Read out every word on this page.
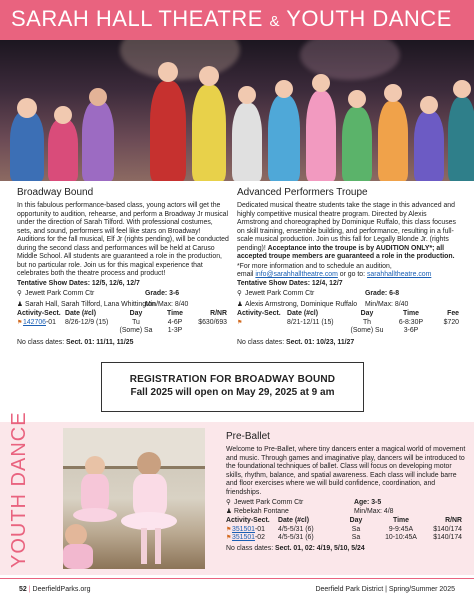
SARAH HALL THEATRE & YOUTH DANCE
Broadway Bound
In this fabulous performance-based class, young actors will get the opportunity to audition, rehearse, and perform a Broadway Jr musical under the direction of Sarah Tilford. With professional costumes, sets, and sound, performers will feel like stars on Broadway! Auditions for the fall musical, Elf Jr (rights pending), will be conducted during the second class and performances will be held at Caruso Middle School. All students are guaranteed a role in the production, but no particular role. Join us for this magical experience that celebrates both the theatre process and product!
Tentative Show Dates: 12/5, 12/6, 12/7
⚲ Jewett Park Comm Ctr	Grade: 3-6
♟ Sarah Hall, Sarah Tilford, Lana Whittington
Min/Max: 8/40
Activity-Sect. Date (#cl)	Day	Time	R/NR
⚑142706-01	8/26-12/9 (15)	Tu	4-6P	$630/693
(Some) Sa	1-3P
No class dates: Sect. 01: 11/11, 11/25
Advanced Performers Troupe
Dedicated musical theatre students take the stage in this advanced and highly competitive musical theatre program. Directed by Alexis Armstrong and choreographed by Dominique Ruffalo, this class focuses on skill training, ensemble building, and performance, resulting in a full-scale musical production. Join us this fall for Legally Blonde Jr. (rights pending)! Acceptance into the troupe is by AUDITION ONLY*; all accepted troupe members are guaranteed a role in the production.
*For more information and to schedule an audition,
email info@sarahhalltheatre.com or go to: sarahhalltheatre.com
Tentative Show Dates: 12/4, 12/7
⚲ Jewett Park Comm Ctr	Grade: 6-8
♟ Alexis Armstrong, Dominique Ruffalo	Min/Max: 8/40
Activity-Sect. Date (#cl)	Day	Time	Fee
⚑	8/21-12/11 (15)	Th	6-8:30P	$720
(Some) Su	3-6P
No class dates: Sect. 01: 10/23, 11/27
REGISTRATION FOR BROADWAY BOUND
Fall 2025 will open on May 29, 2025 at 9 am
YOUTH DANCE	Pre-Ballet
Welcome to Pre-Ballet, where tiny dancers enter a magical world of movement and music. Through games and imaginative play, dancers will be introduced to the foundational techniques of ballet. Class will focus on developing motor skills, rhythm, balance, and spatial awareness. Each class will include barre and floor exercises where we will build confidence, coordination, and friendships.
⚲ Jewett Park Comm Ctr	Age: 3-5
♟ Rebekah Fontane	Min/Max: 4/8
Activity-Sect.	Date (#cl)	Day	Time	R/NR
⚑351501-01	4/5-5/31 (6)	Sa	9-9:45A	$140/174
⚑351501-02	4/5-5/31 (6)	Sa	10-10:45A	$140/174
No class dates: Sect. 01, 02: 4/19, 5/10, 5/24
52 | DeerfieldParks.org	Deerfield Park District | Spring/Summer 2025
